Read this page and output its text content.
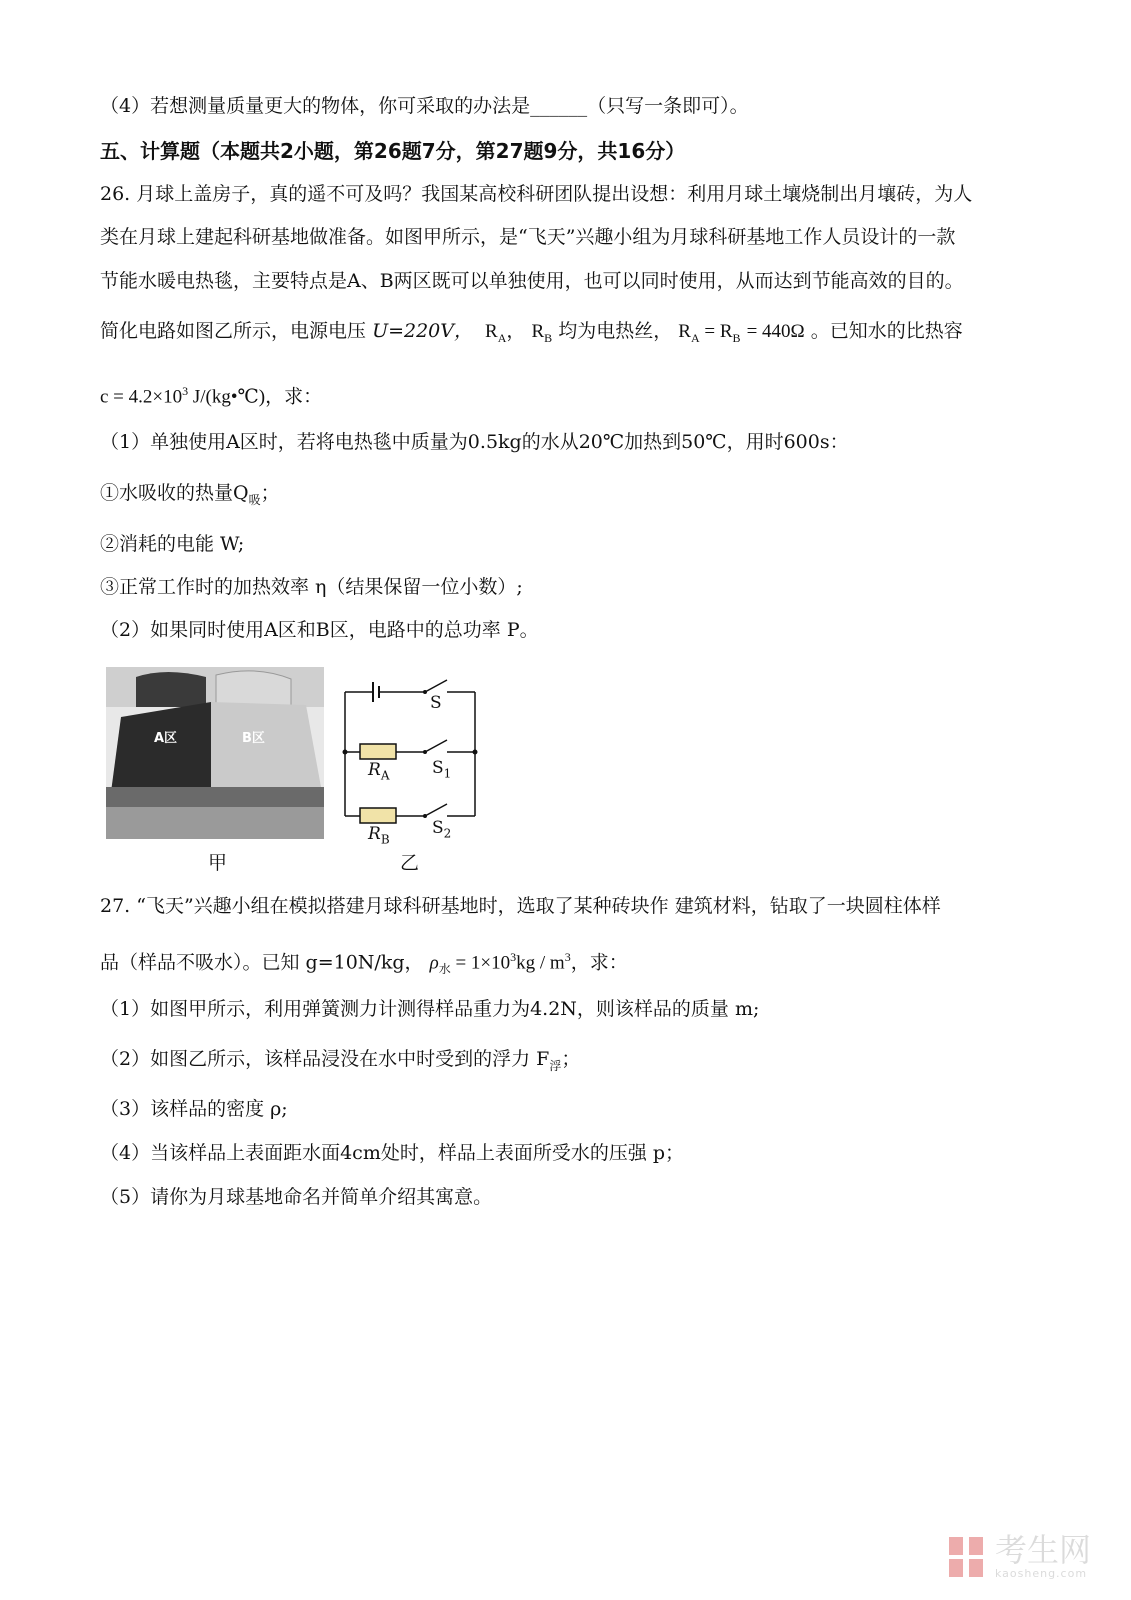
（4）若想测量质量更大的物体，你可采取的办法是______（只写一条即可）。
五、计算题（本题共2小题，第26题7分，第27题9分，共16分）
26. 月球上盖房子，真的遥不可及吗？我国某高校科研团队提出设想：利用月球土壤烧制出月壤砖，为人
类在月球上建起科研基地做准备。如图甲所示，是“飞天”兴趣小组为月球科研基地工作人员设计的一款
节能水暖电热毯，主要特点是A、B两区既可以单独使用，也可以同时使用，从而达到节能高效的目的。
简化电路如图乙所示，电源电压 U=220V， $R_A$， $R_B$ 均为电热丝， $R_A = R_B = 440\Omega$ 。已知水的比热容
$c = 4.2\times 10^3$ J/(kg•℃)，求：
（1）单独使用A区时，若将电热毯中质量为0.5kg的水从20℃加热到50℃，用时600s：
①水吸收的热量$Q_吸$；
②消耗的电能 W;
③正常工作时的加热效率 η（结果保留一位小数）;
（2）如果同时使用A区和B区，电路中的总功率 P。
A区	B区
甲
S
$S_1$
$S_2$
$R_A$
$R_B$
乙
27. “飞天”兴趣小组在模拟搭建月球科研基地时，选取了某种砖块作 建筑材料，钻取了一块圆柱体样
品（样品不吸水）。已知 g=10N/kg， $\rho_水 = 1\times 10^3kg / m^3$，求：
（1）如图甲所示，利用弹簧测力计测得样品重力为4.2N，则该样品的质量 m;
（2）如图乙所示，该样品浸没在水中时受到的浮力 $F_浮$；
（3）该样品的密度 ρ;
（4）当该样品上表面距水面4cm处时，样品上表面所受水的压强 p；
（5）请你为月球基地命名并简单介绍其寓意。
考生网
kaosheng.com
